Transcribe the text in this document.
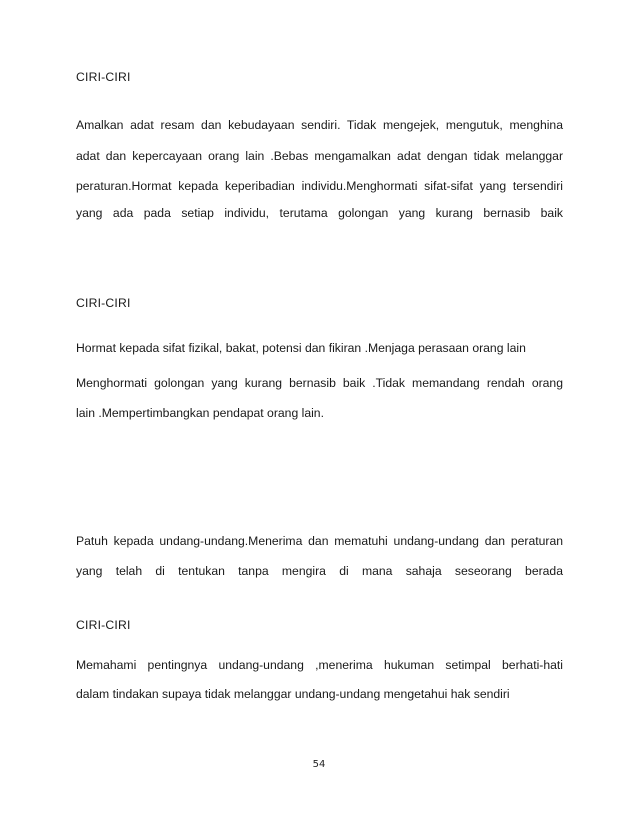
CIRI-CIRI
Amalkan adat resam dan kebudayaan sendiri. Tidak mengejek, mengutuk, menghina
adat dan kepercayaan orang lain .Bebas mengamalkan adat dengan tidak melanggar
peraturan.Hormat kepada keperibadian individu.Menghormati sifat-sifat yang tersendiri
yang ada pada setiap individu, terutama golongan yang kurang bernasib baik
CIRI-CIRI
Hormat kepada sifat fizikal, bakat, potensi dan fikiran .Menjaga perasaan orang lain
Menghormati golongan yang kurang bernasib baik .Tidak memandang rendah orang
lain .Mempertimbangkan pendapat orang lain.
Patuh kepada undang-undang.Menerima dan mematuhi undang-undang dan peraturan
yang telah di tentukan tanpa mengira di mana sahaja seseorang berada
CIRI-CIRI
Memahami pentingnya undang-undang ,menerima hukuman setimpal berhati-hati
dalam tindakan supaya tidak melanggar undang-undang mengetahui hak sendiri
54
